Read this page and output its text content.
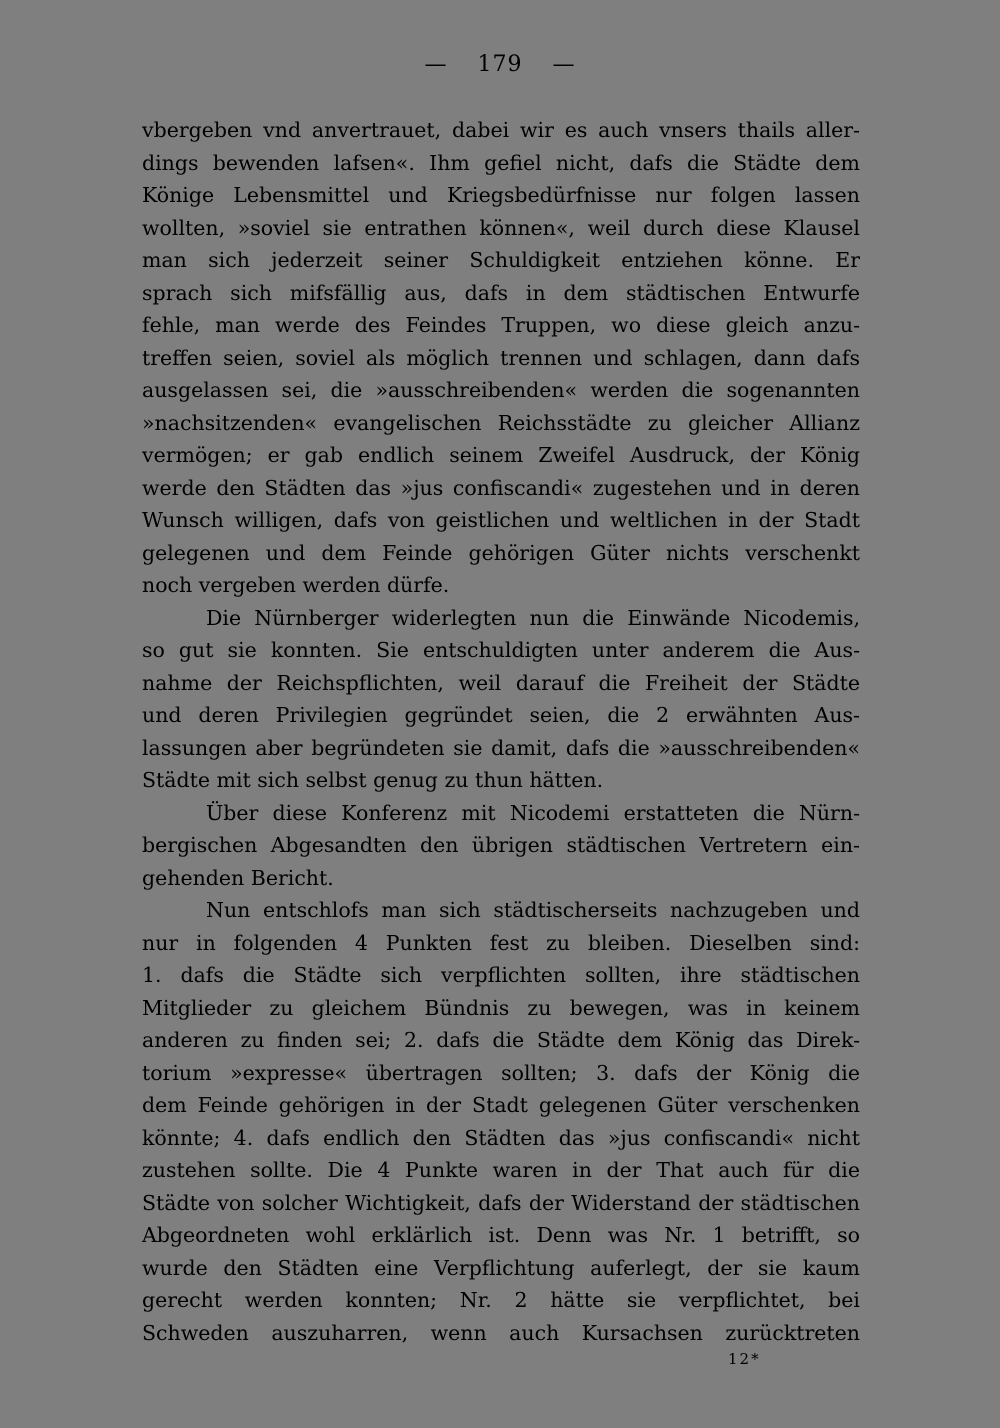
— 179 —
vbergeben vnd anvertrauet, dabei wir es auch vnsers thails aller-
dings bewenden lafsen«. Ihm gefiel nicht, dafs die Städte dem
Könige Lebensmittel und Kriegsbedürfnisse nur folgen lassen
wollten, »soviel sie entrathen können«, weil durch diese Klausel
man sich jederzeit seiner Schuldigkeit entziehen könne. Er
sprach sich mifsfällig aus, dafs in dem städtischen Entwurfe
fehle, man werde des Feindes Truppen, wo diese gleich anzu-
treffen seien, soviel als möglich trennen und schlagen, dann dafs
ausgelassen sei, die »ausschreibenden« werden die sogenannten
»nachsitzenden« evangelischen Reichsstädte zu gleicher Allianz
vermögen; er gab endlich seinem Zweifel Ausdruck, der König
werde den Städten das »jus confiscandi« zugestehen und in deren
Wunsch willigen, dafs von geistlichen und weltlichen in der Stadt
gelegenen und dem Feinde gehörigen Güter nichts verschenkt
noch vergeben werden dürfe.
Die Nürnberger widerlegten nun die Einwände Nicodemis,
so gut sie konnten. Sie entschuldigten unter anderem die Aus-
nahme der Reichspflichten, weil darauf die Freiheit der Städte
und deren Privilegien gegründet seien, die 2 erwähnten Aus-
lassungen aber begründeten sie damit, dafs die »ausschreibenden«
Städte mit sich selbst genug zu thun hätten.
Über diese Konferenz mit Nicodemi erstatteten die Nürn-
bergischen Abgesandten den übrigen städtischen Vertretern ein-
gehenden Bericht.
Nun entschlofs man sich städtischerseits nachzugeben und
nur in folgenden 4 Punkten fest zu bleiben. Dieselben sind:
1. dafs die Städte sich verpflichten sollten, ihre städtischen
Mitglieder zu gleichem Bündnis zu bewegen, was in keinem
anderen zu finden sei; 2. dafs die Städte dem König das Direk-
torium »expresse« übertragen sollten; 3. dafs der König die
dem Feinde gehörigen in der Stadt gelegenen Güter verschenken
könnte; 4. dafs endlich den Städten das »jus confiscandi« nicht
zustehen sollte. Die 4 Punkte waren in der That auch für die
Städte von solcher Wichtigkeit, dafs der Widerstand der städtischen
Abgeordneten wohl erklärlich ist. Denn was Nr. 1 betrifft, so
wurde den Städten eine Verpflichtung auferlegt, der sie kaum
gerecht werden konnten; Nr. 2 hätte sie verpflichtet, bei
Schweden auszuharren, wenn auch Kursachsen zurücktreten
12*
